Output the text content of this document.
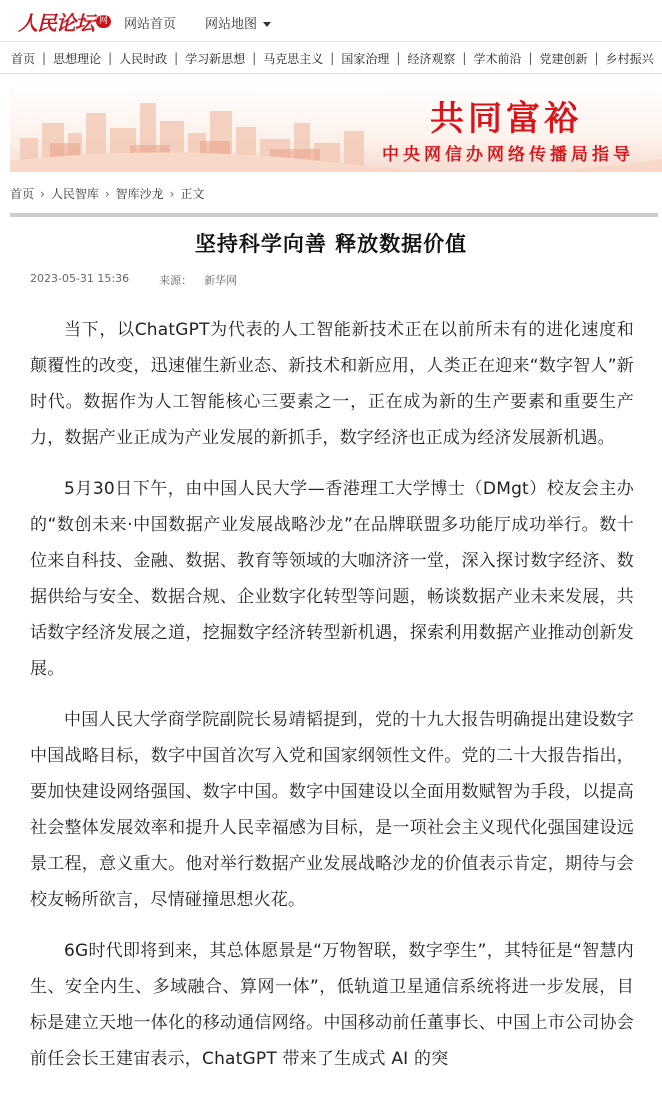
人民论坛 网 网站首页 网站地图
首页 | 思想理论 | 人民时政 | 学习新思想 | 马克思主义 | 国家治理 | 经济观察 | 学术前沿 | 党建创新 | 乡村振兴
共同富裕
中央网信办网络传播局指导
首页 › 人民智库 › 智库沙龙 › 正文
坚持科学向善 释放数据价值
2023-05-31 15:36	来源： 新华网

当下，以ChatGPT为代表的人工智能新技术正在以前所未有的进化速度和颠覆性的改变，迅速催生新业态、新技术和新应用，人类正在迎来“数字智人”新时代。数据作为人工智能核心三要素之一，正在成为新的生产要素和重要生产力，数据产业正成为产业发展的新抓手，数字经济也正成为经济发展新机遇。

5月30日下午，由中国人民大学—香港理工大学博士（DMgt）校友会主办的“数创未来·中国数据产业发展战略沙龙”在品牌联盟多功能厅成功举行。数十位来自科技、金融、数据、教育等领域的大咖济济一堂，深入探讨数字经济、数据供给与安全、数据合规、企业数字化转型等问题，畅谈数据产业未来发展，共话数字经济发展之道，挖掘数字经济转型新机遇，探索利用数据产业推动创新发展。

中国人民大学商学院副院长易靖韬提到，党的十九大报告明确提出建设数字中国战略目标，数字中国首次写入党和国家纲领性文件。党的二十大报告指出，要加快建设网络强国、数字中国。数字中国建设以全面用数赋智为手段，以提高社会整体发展效率和提升人民幸福感为目标，是一项社会主义现代化强国建设远景工程，意义重大。他对举行数据产业发展战略沙龙的价值表示肯定，期待与会校友畅所欲言，尽情碰撞思想火花。

6G时代即将到来，其总体愿景是“万物智联，数字孪生”，其特征是“智慧内生、安全内生、多域融合、算网一体”，低轨道卫星通信系统将进一步发展，目标是建立天地一体化的移动通信网络。中国移动前任董事长、中国上市公司协会前任会长王建宙表示，ChatGPT 带来了生成式 AI 的突
